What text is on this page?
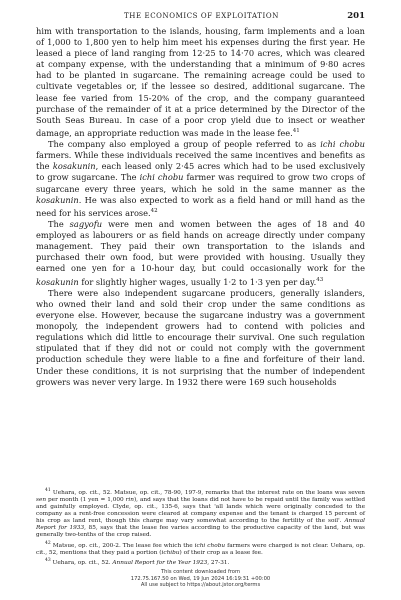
THE ECONOMICS OF EXPLOITATION	201

him with transportation to the islands, housing, farm implements and a loan of 1,000 to 1,800 yen to help him meet his expenses during the first year. He leased a piece of land ranging from 12·25 to 14·70 acres, which was cleared at company expense, with the understanding that a minimum of 9·80 acres had to be planted in sugarcane. The remaining acreage could be used to cultivate vegetables or, if the lessee so desired, additional sugarcane. The lease fee varied from 15-20% of the crop, and the company guaranteed purchase of the remainder of it at a price determined by the Director of the South Seas Bureau. In case of a poor crop yield due to insect or weather damage, an appropriate reduction was made in the lease fee.$^{41}$

The company also employed a group of people referred to as ichi chobu farmers. While these individuals received the same incentives and benefits as the kosakunin, each leased only 2·45 acres which had to be used exclusively to grow sugarcane. The ichi chobu farmer was required to grow two crops of sugarcane every three years, which he sold in the same manner as the kosakunin. He was also expected to work as a field hand or mill hand as the need for his services arose.$^{42}$

The sagyofu were men and women between the ages of 18 and 40 employed as labourers or as field hands on acreage directly under company management. They paid their own transportation to the islands and purchased their own food, but were provided with housing. Usually they earned one yen for a 10-hour day, but could occasionally work for the kosakunin for slightly higher wages, usually 1·2 to 1·3 yen per day.$^{43}$

There were also independent sugarcane producers, generally islanders, who owned their land and sold their crop under the same conditions as everyone else. However, because the sugarcane industry was a government monopoly, the independent growers had to contend with policies and regulations which did little to encourage their survival. One such regulation stipulated that if they did not or could not comply with the government production schedule they were liable to a fine and forfeiture of their land. Under these conditions, it is not surprising that the number of independent growers was never very large. In 1932 there were 169 such households

$^{41}$ Uehara, op. cit., 52. Matsue, op. cit., 78-90, 197-9, remarks that the interest rate on the loans was seven sen per month (1 yen = 1,000 rin), and says that the loans did not have to be repaid until the family was settled and gainfully employed. Clyde, op. cit., 135-6, says that 'all lands which were originally conceded to the company as a rent-free concession were cleared at company expense and the tenant is charged 15 percent of his crop as land rent, though this charge may vary somewhat according to the fertility of the soil'. Annual Report for 1933, 85, says that the lease fee varies according to the productive capacity of the land, but was generally two-tenths of the crop raised.

$^{42}$ Matsue, op. cit., 200-2. The lease fee which the ichi chobu farmers were charged is not clear. Uehara, op. cit., 52, mentions that they paid a portion (ichibu) of their crop as a lease fee.

$^{43}$ Uehara, op. cit., 52. Annual Report for the Year 1923, 27-31.

This content downloaded from
172.75.167.50 on Wed, 19 Jun 2024 16:19:31 +00:00
All use subject to https://about.jstor.org/terms
